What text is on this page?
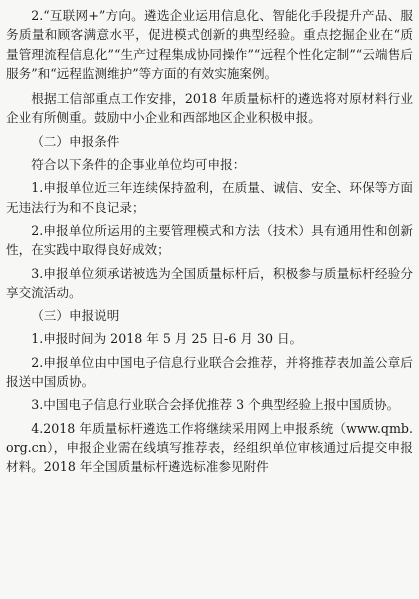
2.“互联网+”方向。遴选企业运用信息化、智能化手段提升产品、服务质量和顾客满意水平，促进模式创新的典型经验。重点挖掘企业在“质量管理流程信息化”“生产过程集成协同操作”“远程个性化定制”“云端售后服务”和“远程监测维护”等方面的有效实施案例。

根据工信部重点工作安排，2018 年质量标杆的遴选将对原材料行业企业有所侧重。鼓励中小企业和西部地区企业积极申报。

（二）申报条件

符合以下条件的企事业单位均可申报：

1.申报单位近三年连续保持盈利，在质量、诚信、安全、环保等方面无违法行为和不良记录；

2.申报单位所运用的主要管理模式和方法（技术）具有通用性和创新性，在实践中取得良好成效；

3.申报单位须承诺被选为全国质量标杆后，积极参与质量标杆经验分享交流活动。

（三）申报说明

1.申报时间为 2018 年 5 月 25 日-6 月 30 日。

2.申报单位由中国电子信息行业联合会推荐，并将推荐表加盖公章后报送中国质协。

3.中国电子信息行业联合会择优推荐 3 个典型经验上报中国质协。

4.2018 年质量标杆遴选工作将继续采用网上申报系统（www.qmb.org.cn），申报企业需在线填写推荐表，经组织单位审核通过后提交申报材料。2018 年全国质量标杆遴选标准参见附件
